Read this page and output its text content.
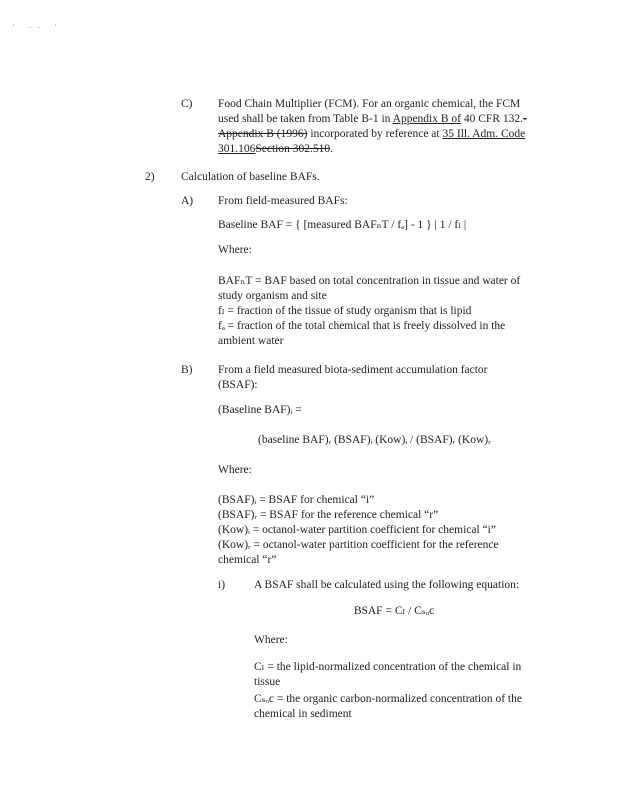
· .. ·
C) Food Chain Multiplier (FCM). For an organic chemical, the FCM
used shall be taken from Table B-1 in Appendix B of 40 CFR 132.-
Appendix B (1996) incorporated by reference at 35 Ill. Adm. Code
301.106Section 302.510.
2) Calculation of baseline BAFs.
A) From field-measured BAFs:
Baseline BAF = { [measured BAFₙT / fₔ] - 1 } | 1 / fₗ |
Where:
BAFₙT = BAF based on total concentration in tissue and water of
study organism and site
fₗ = fraction of the tissue of study organism that is lipid
fₔ = fraction of the total chemical that is freely dissolved in the
ambient water
B) From a field measured biota-sediment accumulation factor
(BSAF):
(Baseline BAF)ᵢ =
(baseline BAF)ᵣ (BSAF)ᵢ (Kow)ᵢ / (BSAF)ᵣ (Kow)ᵣ
Where:
(BSAF)ᵢ = BSAF for chemical “i”
(BSAF)ᵣ = BSAF for the reference chemical “r”
(Kow)ᵢ = octanol-water partition coefficient for chemical “i”
(Kow)ᵣ = octanol-water partition coefficient for the reference
chemical “r”
i)	A BSAF shall be calculated using the following equation:
BSAF = Cₗ / Cₛₒc
Where:
Cₗ = the lipid-normalized concentration of the chemical in
tissue
Cₛₒc = the organic carbon-normalized concentration of the
chemical in sediment
